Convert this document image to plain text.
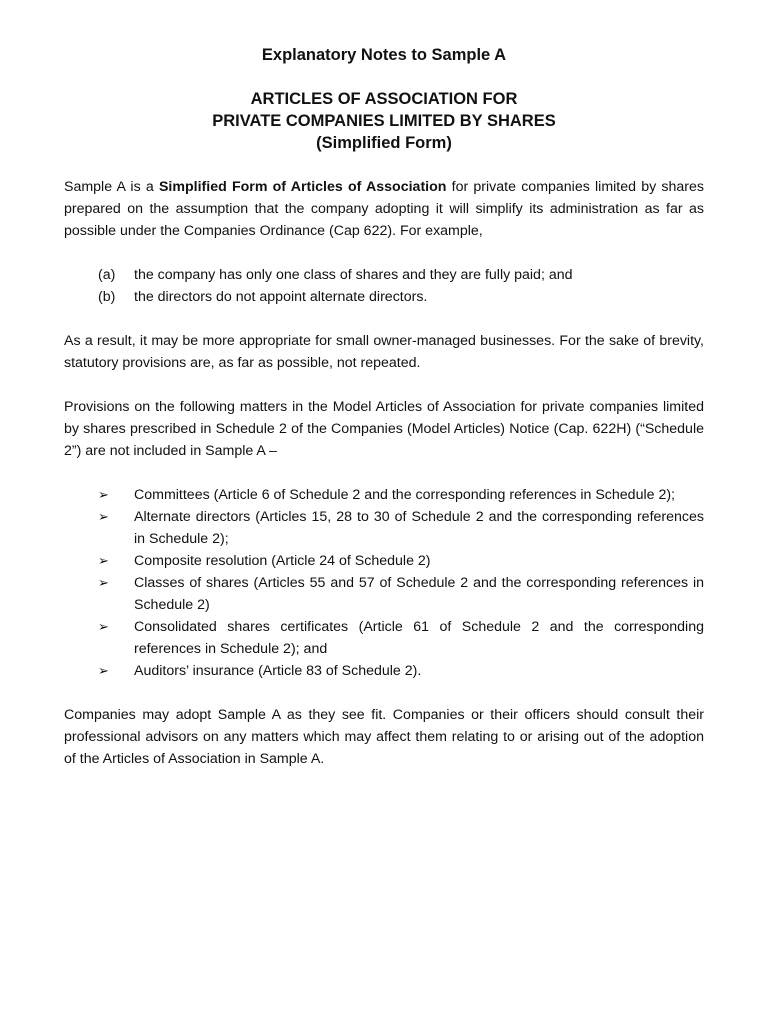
Explanatory Notes to Sample A
ARTICLES OF ASSOCIATION FOR
PRIVATE COMPANIES LIMITED BY SHARES
(Simplified Form)

Sample A is a Simplified Form of Articles of Association for private companies limited by shares prepared on the assumption that the company adopting it will simplify its administration as far as possible under the Companies Ordinance (Cap 622). For example,

(a) the company has only one class of shares and they are fully paid; and
(b) the directors do not appoint alternate directors.

As a result, it may be more appropriate for small owner-managed businesses. For the sake of brevity, statutory provisions are, as far as possible, not repeated.

Provisions on the following matters in the Model Articles of Association for private companies limited by shares prescribed in Schedule 2 of the Companies (Model Articles) Notice (Cap. 622H) (“Schedule 2”) are not included in Sample A –

➢ Committees (Article 6 of Schedule 2 and the corresponding references in Schedule 2);
➢ Alternate directors (Articles 15, 28 to 30 of Schedule 2 and the corresponding references in Schedule 2);
➢ Composite resolution (Article 24 of Schedule 2)
➢ Classes of shares (Articles 55 and 57 of Schedule 2 and the corresponding references in Schedule 2)
➢ Consolidated shares certificates (Article 61 of Schedule 2 and the corresponding references in Schedule 2); and
➢ Auditors’ insurance (Article 83 of Schedule 2).

Companies may adopt Sample A as they see fit. Companies or their officers should consult their professional advisors on any matters which may affect them relating to or arising out of the adoption of the Articles of Association in Sample A.
